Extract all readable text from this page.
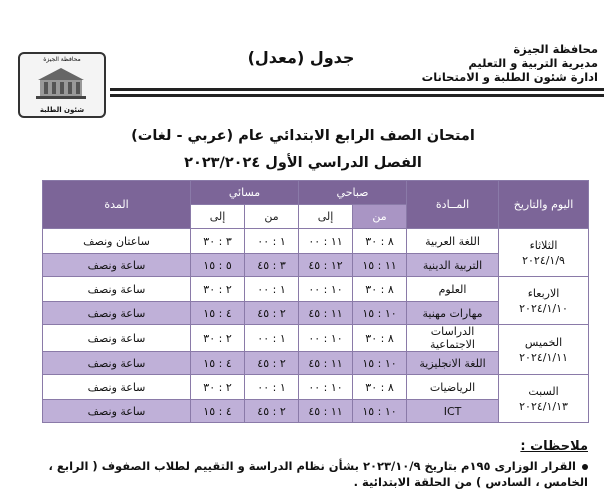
محافظة الجيزة
مديرية التربية و التعليم
ادارة شئون الطلبة و الامتحانات
جدول (معدل)
محافظة الجيزة
شئون الطلبة
امتحان الصف الرابع الابتدائي عام (عربي - لغات)
الفصل الدراسي الأول ٢٠٢٣/٢٠٢٤
اليوم والتاريخ	المــادة	صباحي		مسائي		المدة
		من	إلى	من	إلى	
الثلاثاء
٢٠٢٤/١/٩	اللغة العربية	٨ : ٣٠	١١ : ٠٠	١ : ٠٠	٣ : ٣٠	ساعتان ونصف
	التربية الدينية	١١ : ١٥	١٢ : ٤٥	٣ : ٤٥	٥ : ١٥	ساعة ونصف
الاربعاء
٢٠٢٤/١/١٠	العلوم	٨ : ٣٠	١٠ : ٠٠	١ : ٠٠	٢ : ٣٠	ساعة ونصف
	مهارات مهنية	١٠ : ١٥	١١ : ٤٥	٢ : ٤٥	٤ : ١٥	ساعة ونصف
الخميس
٢٠٢٤/١/١١	الدراسات الاجتماعية	٨ : ٣٠	١٠ : ٠٠	١ : ٠٠	٢ : ٣٠	ساعة ونصف
	اللغة الانجليزية	١٠ : ١٥	١١ : ٤٥	٢ : ٤٥	٤ : ١٥	ساعة ونصف
السبت
٢٠٢٤/١/١٣	الرياضيات	٨ : ٣٠	١٠ : ٠٠	١ : ٠٠	٢ : ٣٠	ساعة ونصف
	ICT	١٠ : ١٥	١١ : ٤٥	٢ : ٤٥	٤ : ١٥	ساعة ونصف
ملاحظات :
القرار الوزارى ١٩٥م بتاريخ ٢٠٢٣/١٠/٩ بشأن نظام الدراسة و التقييم لطلاب الصفوف ( الرابع ،
الخامس ، السادس ) من الحلقة الابتدائية .
